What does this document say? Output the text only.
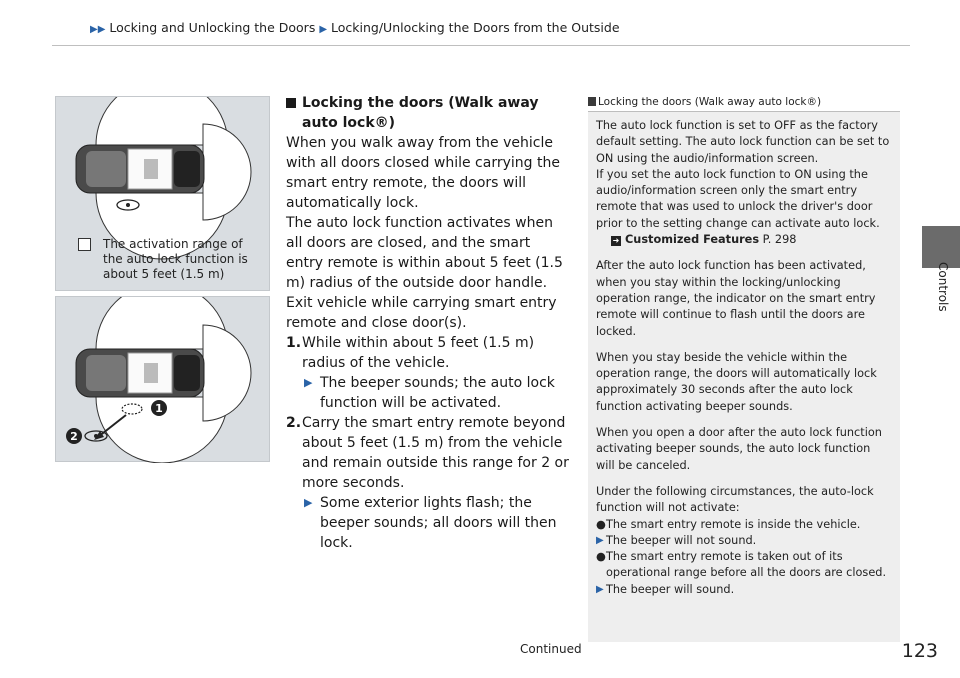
▶▶ Locking and Unlocking the Doors ▶ Locking/Unlocking the Doors from the Outside
Controls
The activation range of the auto lock function is about 5 feet (1.5 m)
1
2
Locking the doors (Walk away auto lock®)

When you walk away from the vehicle with all doors closed while carrying the smart entry remote, the doors will automatically lock.

The auto lock function activates when all doors are closed, and the smart entry remote is within about 5 feet (1.5 m) radius of the outside door handle.

Exit vehicle while carrying smart entry remote and close door(s).

1. While within about 5 feet (1.5 m) radius of the vehicle.
▶ The beeper sounds; the auto lock function will be activated.
2. Carry the smart entry remote beyond about 5 feet (1.5 m) from the vehicle and remain outside this range for 2 or more seconds.
▶ Some exterior lights flash; the beeper sounds; all doors will then lock.
Locking the doors (Walk away auto lock®)

The auto lock function is set to OFF as the factory default setting. The auto lock function can be set to ON using the audio/information screen.

If you set the auto lock function to ON using the audio/information screen only the smart entry remote that was used to unlock the driver's door prior to the setting change can activate auto lock.

➜ Customized Features P. 298

After the auto lock function has been activated, when you stay within the locking/unlocking operation range, the indicator on the smart entry remote will continue to flash until the doors are locked.

When you stay beside the vehicle within the operation range, the doors will automatically lock approximately 30 seconds after the auto lock function activating beeper sounds.

When you open a door after the auto lock function activating beeper sounds, the auto lock function will be canceled.

Under the following circumstances, the auto-lock function will not activate:

● The smart entry remote is inside the vehicle.
▶ The beeper will not sound.
● The smart entry remote is taken out of its operational range before all the doors are closed.
▶ The beeper will sound.
Continued	123
